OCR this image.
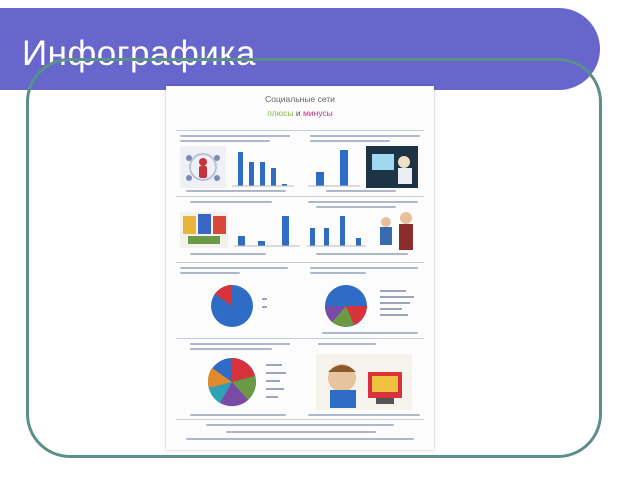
Инфографика
Социальные сети
плюсы и минусы
